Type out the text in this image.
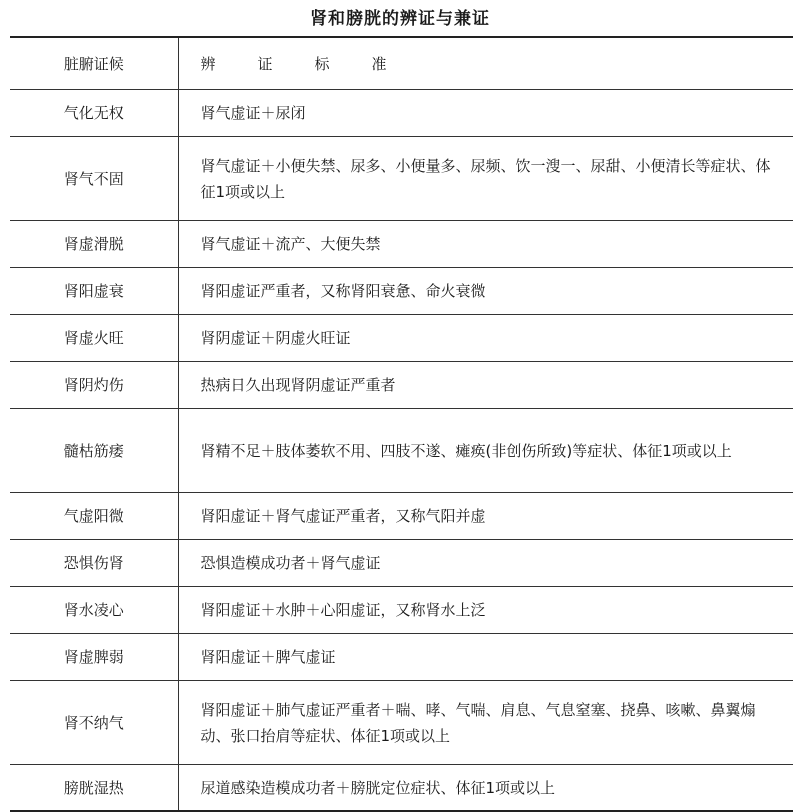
肾和膀胱的辨证与兼证
脏腑证候	辨证标准
气化无权	肾气虚证＋尿闭
肾气不固	肾气虚证＋小便失禁、尿多、小便量多、尿频、饮一溲一、尿甜、小便清长等症状、体征1项或以上
肾虚滑脱	肾气虚证＋流产、大便失禁
肾阳虚衰	肾阳虚证严重者，又称肾阳衰惫、命火衰微
肾虚火旺	肾阴虚证＋阴虚火旺证
肾阴灼伤	热病日久出现肾阴虚证严重者
髓枯筋痿	肾精不足＋肢体萎软不用、四肢不遂、瘫痪(非创伤所致)等症状、体征1项或以上
气虚阳微	肾阳虚证＋肾气虚证严重者，又称气阳并虚
恐惧伤肾	恐惧造模成功者＋肾气虚证
肾水凌心	肾阳虚证＋水肿＋心阳虚证，又称肾水上泛
肾虚脾弱	肾阳虚证＋脾气虚证
肾不纳气	肾阳虚证＋肺气虚证严重者＋喘、哮、气喘、肩息、气息窒塞、挠鼻、咳嗽、鼻翼煽动、张口抬肩等症状、体征1项或以上
膀胱湿热	尿道感染造模成功者＋膀胱定位症状、体征1项或以上
